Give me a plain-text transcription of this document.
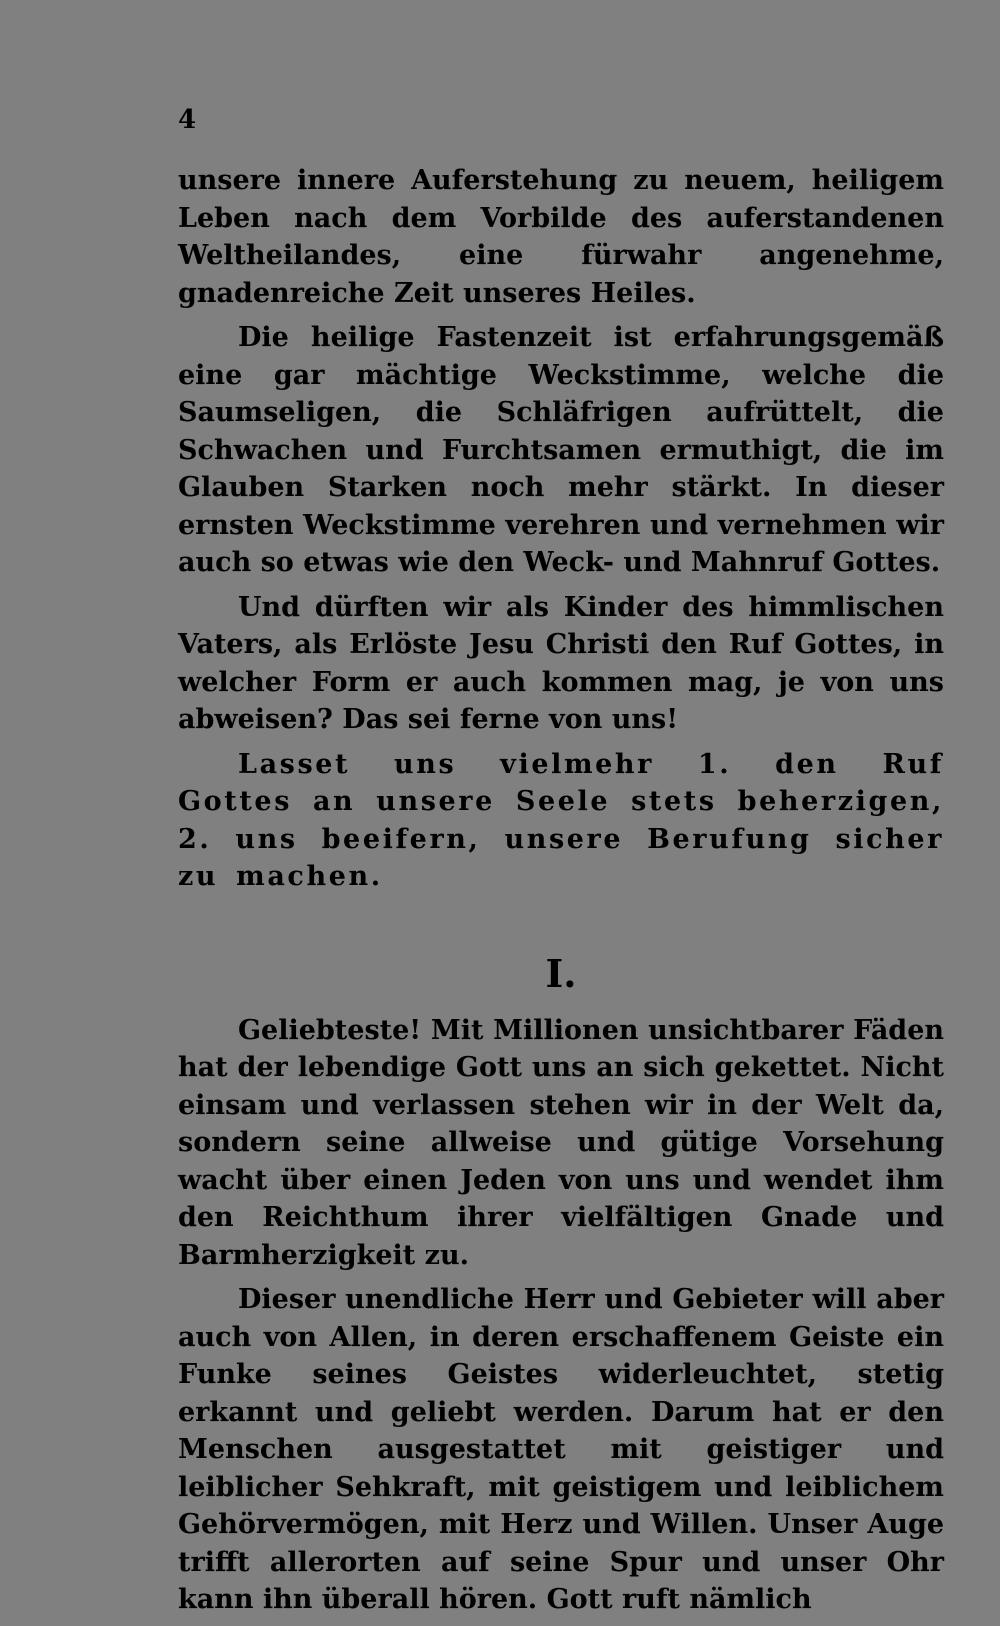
4

unsere innere Auferstehung zu neuem, heiligem Leben nach dem Vorbilde des auferstandenen Weltheilandes, eine fürwahr angenehme, gnadenreiche Zeit unseres Heiles.

Die heilige Fastenzeit ist erfahrungsgemäß eine gar mächtige Weckstimme, welche die Saumseligen, die Schläfrigen aufrüttelt, die Schwachen und Furchtsamen ermuthigt, die im Glauben Starken noch mehr stärkt. In dieser ernsten Weckstimme verehren und vernehmen wir auch so etwas wie den Weck- und Mahnruf Gottes.

Und dürften wir als Kinder des himmlischen Vaters, als Erlöste Jesu Christi den Ruf Gottes, in welcher Form er auch kommen mag, je von uns abweisen? Das sei ferne von uns!

Lasset uns vielmehr 1. den Ruf Gottes an unsere Seele stets beherzigen, 2. uns beeifern, unsere Berufung sicher zu machen.

I.

Geliebteste! Mit Millionen unsichtbarer Fäden hat der lebendige Gott uns an sich gekettet. Nicht einsam und verlassen stehen wir in der Welt da, sondern seine allweise und gütige Vorsehung wacht über einen Jeden von uns und wendet ihm den Reichthum ihrer vielfältigen Gnade und Barmherzigkeit zu.

Dieser unendliche Herr und Gebieter will aber auch von Allen, in deren erschaffenem Geiste ein Funke seines Geistes widerleuchtet, stetig erkannt und geliebt werden. Darum hat er den Menschen ausgestattet mit geistiger und leiblicher Sehkraft, mit geistigem und leiblichem Gehörvermögen, mit Herz und Willen. Unser Auge trifft allerorten auf seine Spur und unser Ohr kann ihn überall hören. Gott ruft nämlich
